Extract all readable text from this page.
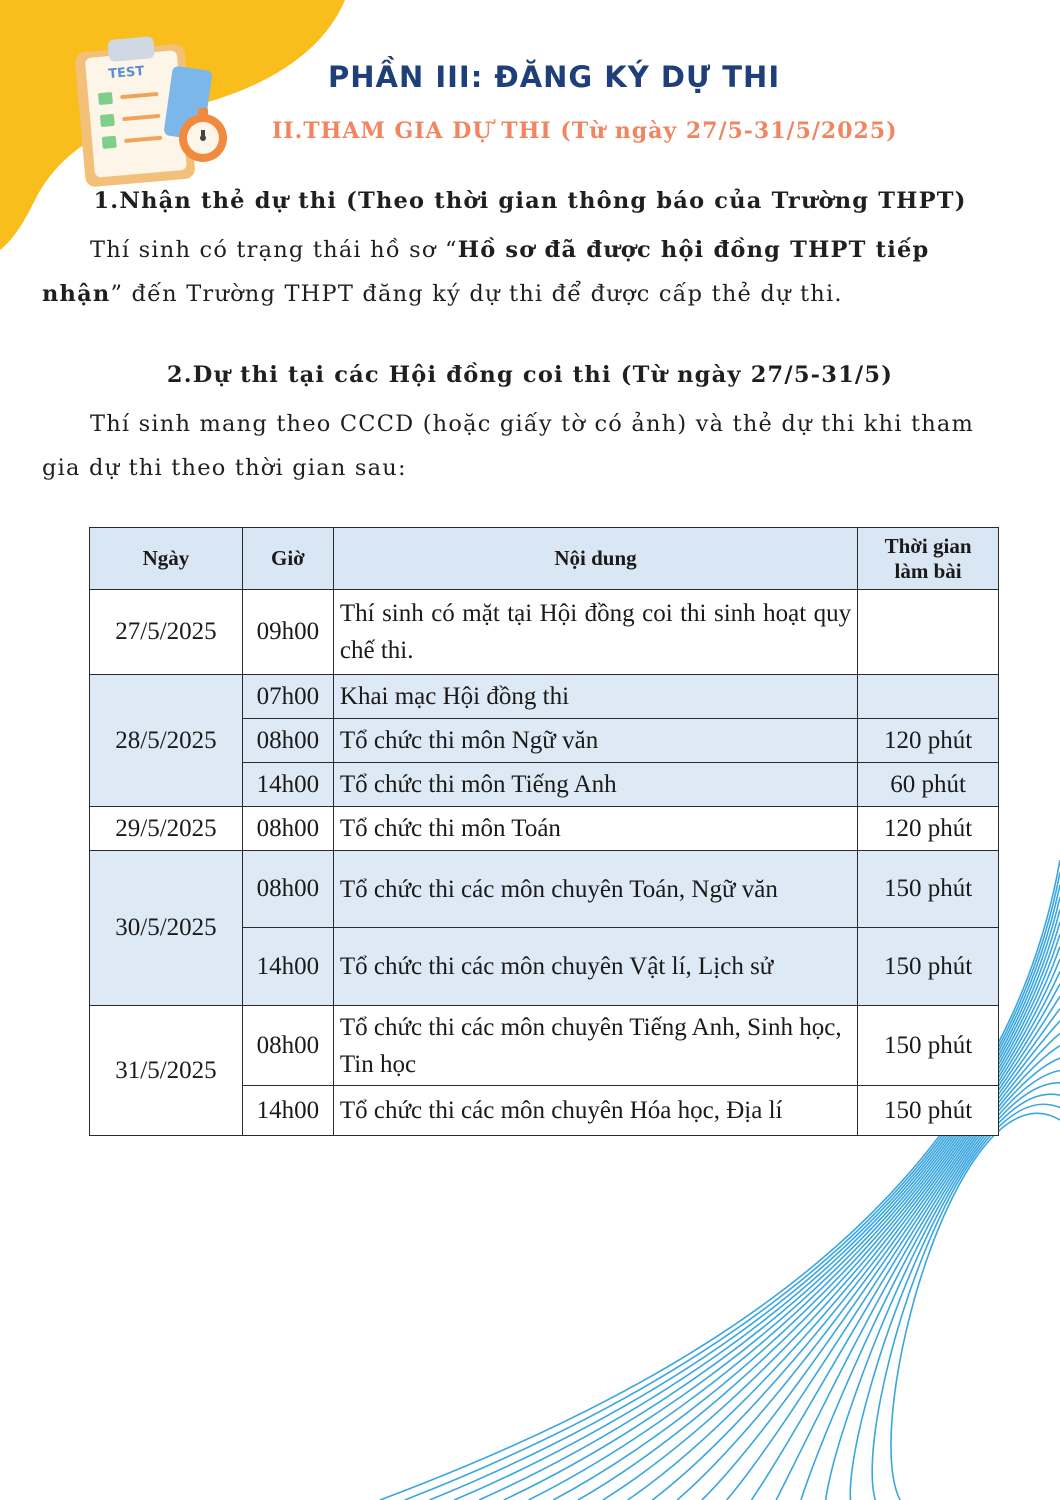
TEST	PHẦN III: ĐĂNG KÝ DỰ THI
II.THAM GIA DỰ THI (Từ ngày 27/5-31/5/2025)
1.Nhận thẻ dự thi (Theo thời gian thông báo của Trường THPT)
Thí sinh có trạng thái hồ sơ “Hồ sơ đã được hội đồng THPT tiếp nhận” đến Trường THPT đăng ký dự thi để được cấp thẻ dự thi.
2.Dự thi tại các Hội đồng coi thi (Từ ngày 27/5-31/5)
Thí sinh mang theo CCCD (hoặc giấy tờ có ảnh) và thẻ dự thi khi tham gia dự thi theo thời gian sau:
Ngày	Giờ	Nội dung	Thời gian
làm bài
27/5/2025	09h00	Thí sinh có mặt tại Hội đồng coi thi sinh hoạt quy chế thi.	
28/5/2025	07h00	Khai mạc Hội đồng thi	
	08h00	Tổ chức thi môn Ngữ văn	120 phút
	14h00	Tổ chức thi môn Tiếng Anh	60 phút
29/5/2025	08h00	Tổ chức thi môn Toán	120 phút
30/5/2025	08h00	Tổ chức thi các môn chuyên Toán, Ngữ văn	150 phút
	14h00	Tổ chức thi các môn chuyên Vật lí, Lịch sử	150 phút
31/5/2025	08h00	Tổ chức thi các môn chuyên Tiếng Anh, Sinh học, Tin học	150 phút
	14h00	Tổ chức thi các môn chuyên Hóa học, Địa lí	150 phút
